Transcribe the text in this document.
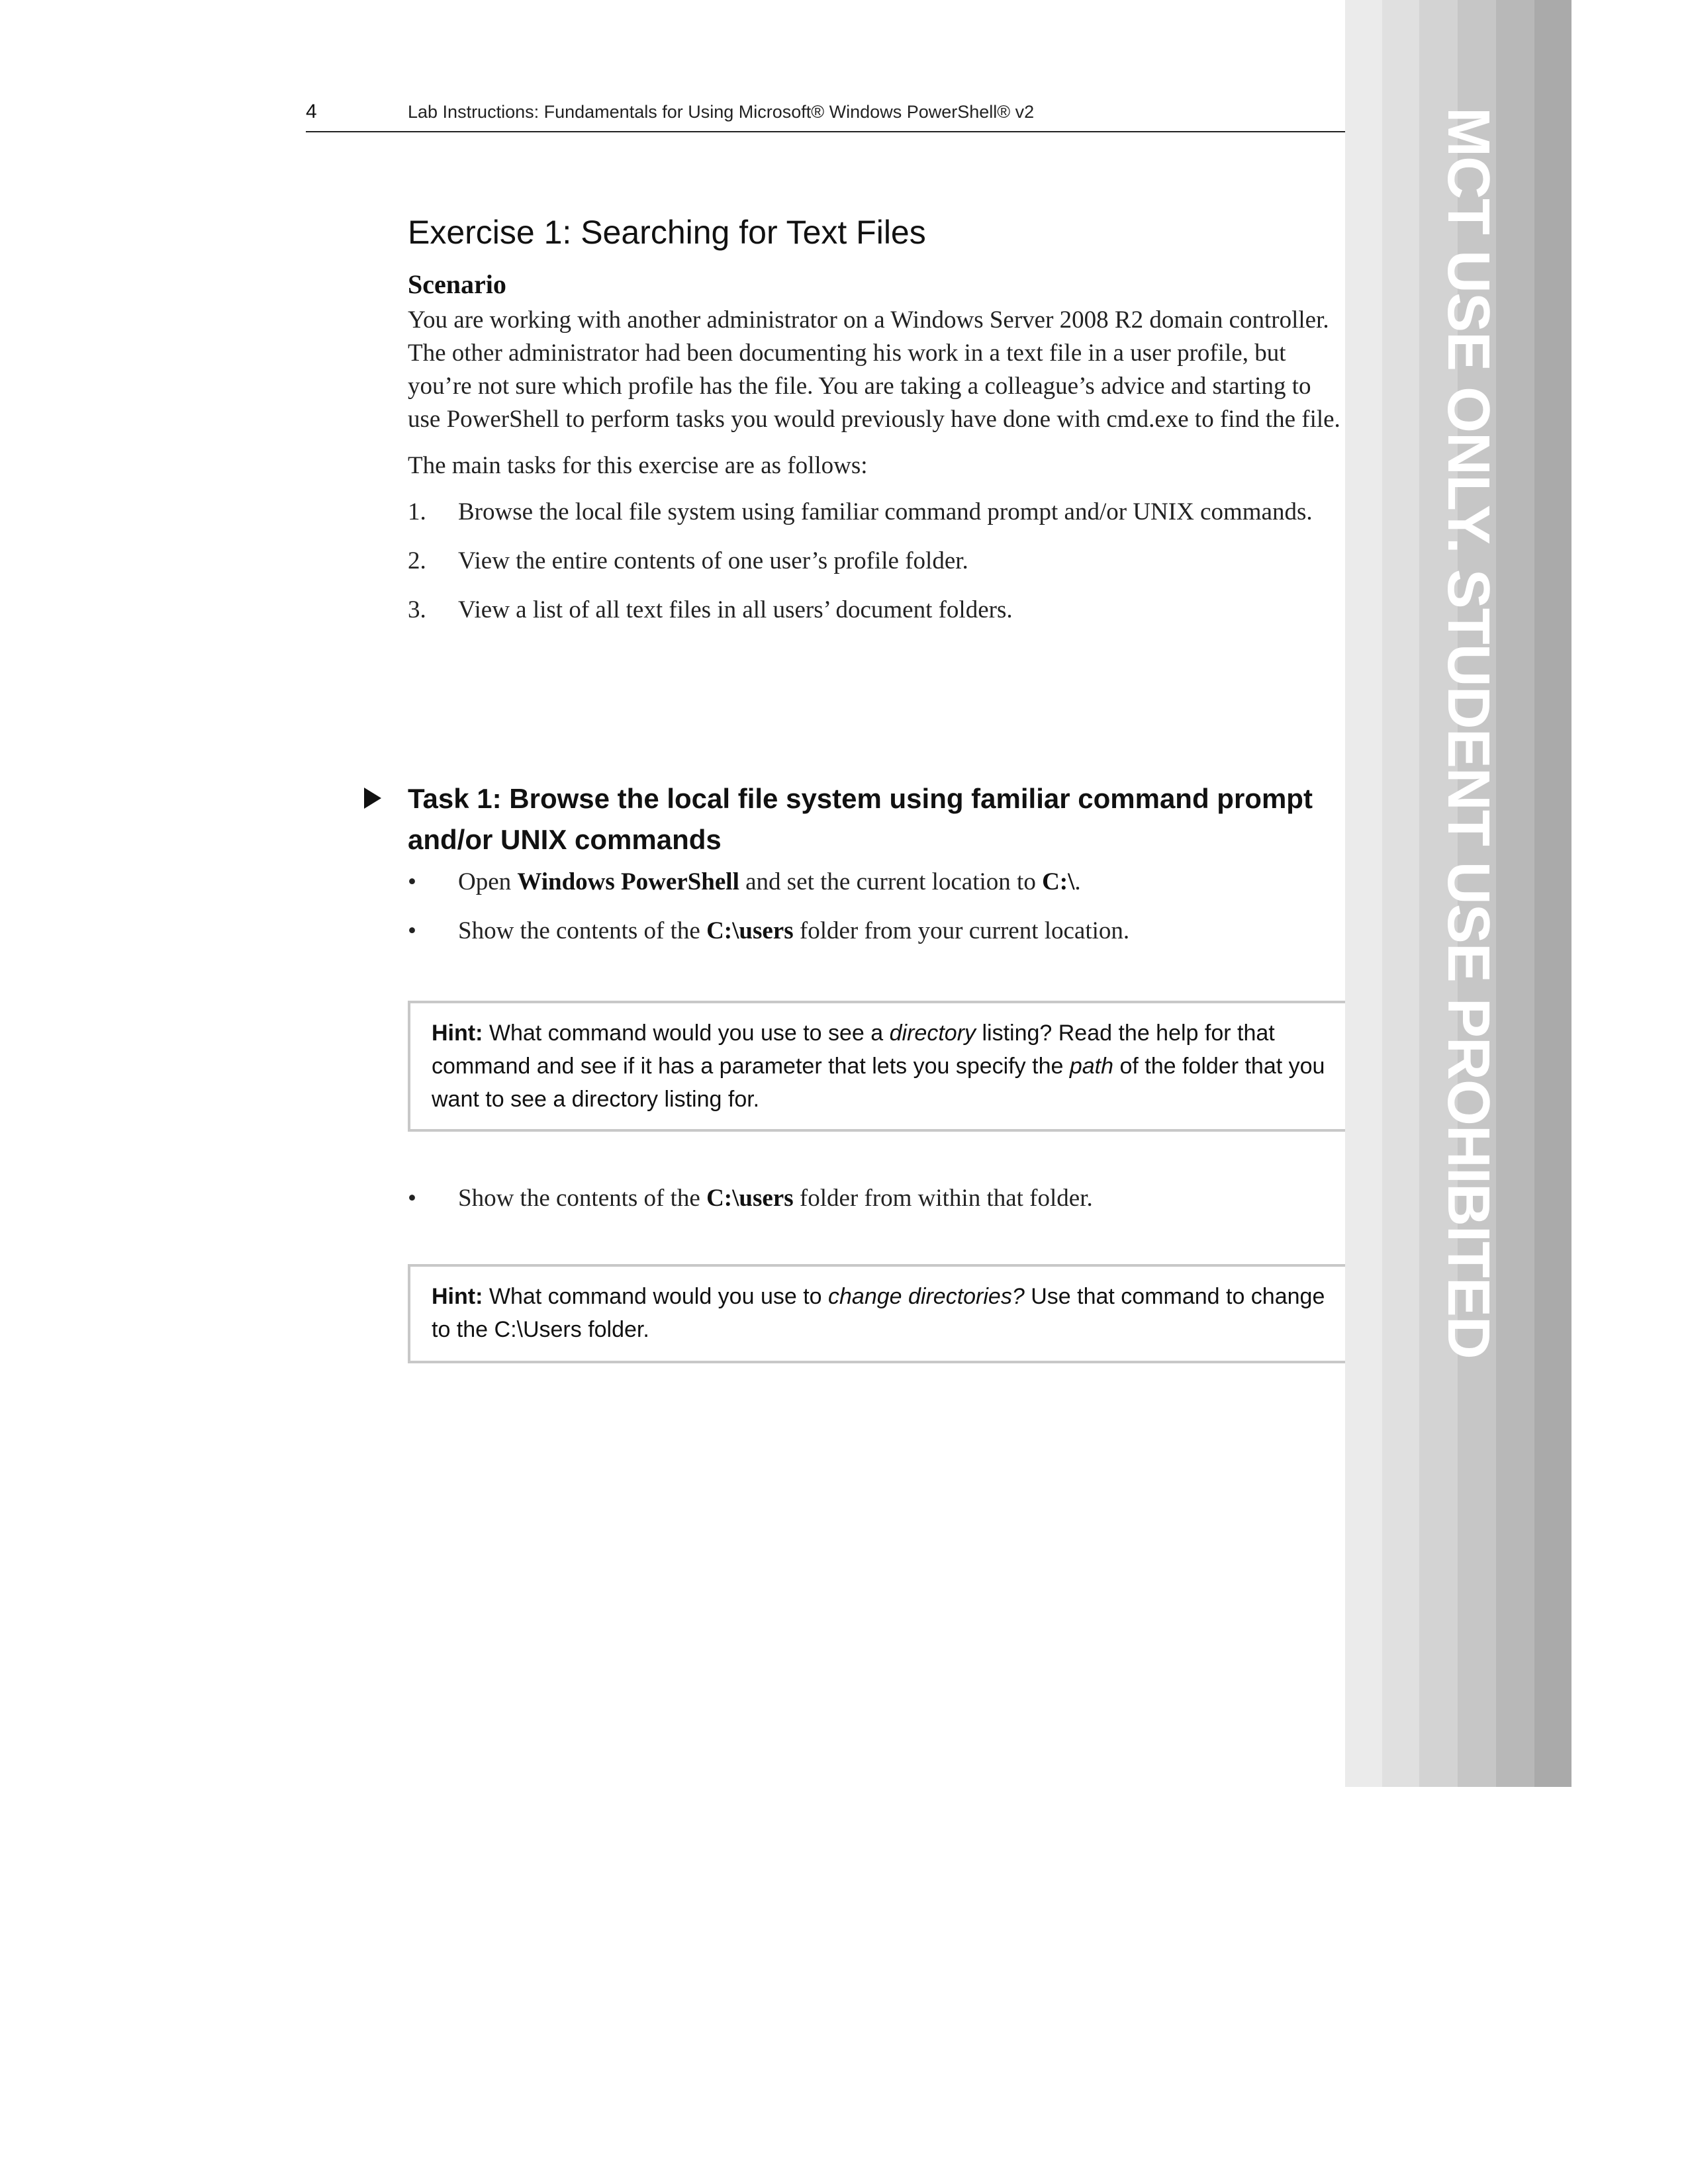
4	Lab Instructions: Fundamentals for Using Microsoft® Windows PowerShell® v2
Exercise 1: Searching for Text Files
Scenario

You are working with another administrator on a Windows Server 2008 R2 domain controller. The other administrator had been documenting his work in a text file in a user profile, but you’re not sure which profile has the file. You are taking a colleague’s advice and starting to use PowerShell to perform tasks you would previously have done with cmd.exe to find the file.

The main tasks for this exercise are as follows:

1. Browse the local file system using familiar command prompt and/or UNIX commands.
2. View the entire contents of one user’s profile folder.
3. View a list of all text files in all users’ document folders.
Task 1: Browse the local file system using familiar command prompt and/or UNIX commands
• Open Windows PowerShell and set the current location to C:\.
• Show the contents of the C:\users folder from your current location.
Hint: What command would you use to see a directory listing? Read the help for that command and see if it has a parameter that lets you specify the path of the folder that you want to see a directory listing for.
• Show the contents of the C:\users folder from within that folder.
Hint: What command would you use to change directories? Use that command to change to the C:\Users folder.	MCT USE ONLY. STUDENT USE PROHIBITED
